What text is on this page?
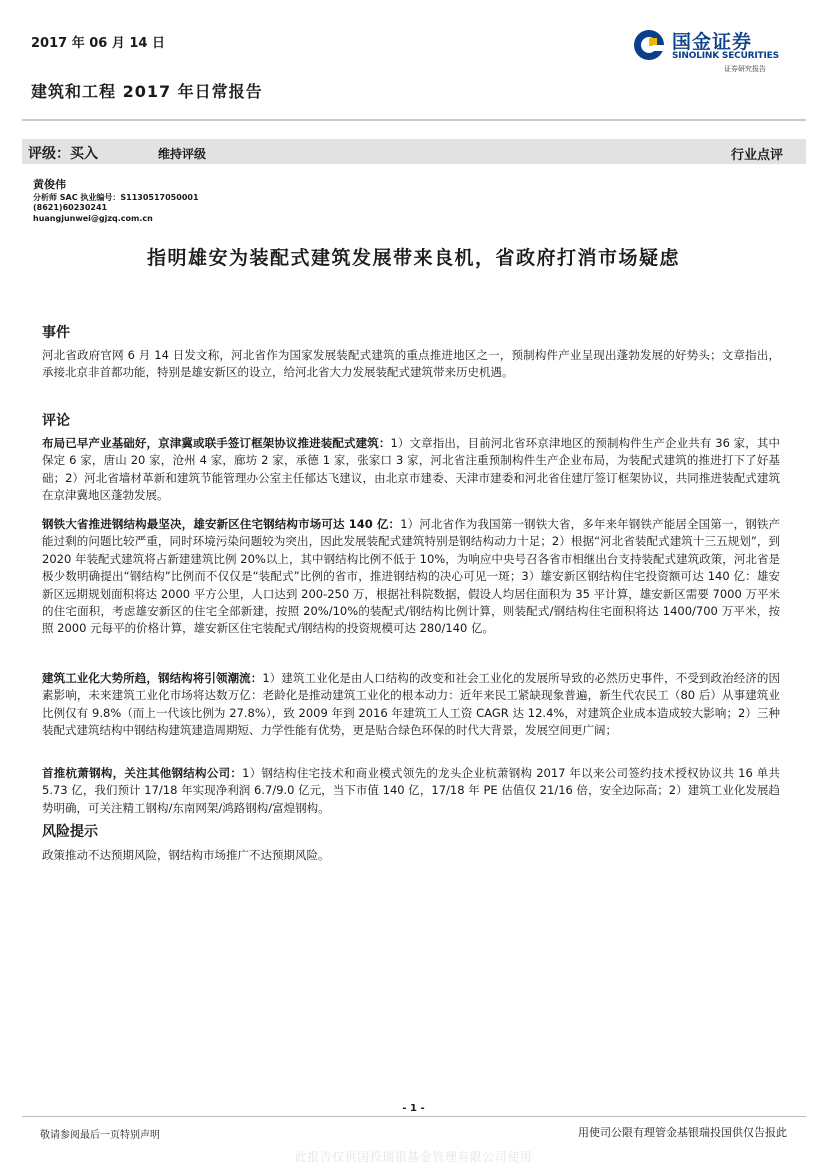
2017 年 06 月 14 日
建筑和工程 2017 年日常报告
国金证券
SINOLINK SECURITIES
证券研究报告
评级：买入	维持评级	行业点评
黄俊伟
分析师 SAC 执业编号：S1130517050001
(8621)60230241
huangjunwei@gjzq.com.cn
指明雄安为装配式建筑发展带来良机，省政府打消市场疑虑
事件
河北省政府官网 6 月 14 日发文称，河北省作为国家发展装配式建筑的重点推进地区之一，预制构件产业呈现出蓬勃发展的好势头；文章指出，承接北京非首都功能，特别是雄安新区的设立，给河北省大力发展装配式建筑带来历史机遇。
评论
布局已早产业基础好，京津冀或联手签订框架协议推进装配式建筑：1）文章指出，目前河北省环京津地区的预制构件生产企业共有 36 家，其中保定 6 家，唐山 20 家，沧州 4 家，廊坊 2 家，承德 1 家，张家口 3 家，河北省注重预制构件生产企业布局，为装配式建筑的推进打下了好基础；2）河北省墙材革新和建筑节能管理办公室主任郁达飞建议，由北京市建委、天津市建委和河北省住建厅签订框架协议，共同推进装配式建筑在京津冀地区蓬勃发展。
钢铁大省推进钢结构最坚决，雄安新区住宅钢结构市场可达 140 亿：1）河北省作为我国第一钢铁大省，多年来年钢铁产能居全国第一，钢铁产能过剩的问题比较严重，同时环境污染问题较为突出，因此发展装配式建筑特别是钢结构动力十足；2）根据“河北省装配式建筑十三五规划”，到 2020 年装配式建筑将占新建建筑比例 20%以上，其中钢结构比例不低于 10%，为响应中央号召各省市相继出台支持装配式建筑政策，河北省是极少数明确提出“钢结构”比例而不仅仅是“装配式”比例的省市，推进钢结构的决心可见一斑；3）雄安新区钢结构住宅投资额可达 140 亿：雄安新区远期规划面积将达 2000 平方公里，人口达到 200-250 万，根据社科院数据，假设人均居住面积为 35 平计算，雄安新区需要 7000 万平米的住宅面积，考虑雄安新区的住宅全部新建，按照 20%/10%的装配式/钢结构比例计算，则装配式/钢结构住宅面积将达 1400/700 万平米，按照 2000 元每平的价格计算，雄安新区住宅装配式/钢结构的投资规模可达 280/140 亿。
建筑工业化大势所趋，钢结构将引领潮流：1）建筑工业化是由人口结构的改变和社会工业化的发展所导致的必然历史事件，不受到政治经济的因素影响，未来建筑工业化市场将达数万亿：老龄化是推动建筑工业化的根本动力：近年来民工紧缺现象普遍，新生代农民工（80 后）从事建筑业比例仅有 9.8%（而上一代该比例为 27.8%），致 2009 年到 2016 年建筑工人工资 CAGR 达 12.4%，对建筑企业成本造成较大影响；2）三种装配式建筑结构中钢结构建筑建造周期短、力学性能有优势，更是贴合绿色环保的时代大背景，发展空间更广阔；
首推杭萧钢构，关注其他钢结构公司：1）钢结构住宅技术和商业模式领先的龙头企业杭萧钢构 2017 年以来公司签约技术授权协议共 16 单共 5.73 亿，我们预计 17/18 年实现净利润 6.7/9.0 亿元，当下市值 140 亿，17/18 年 PE 估值仅 21/16 倍，安全边际高；2）建筑工业化发展趋势明确，可关注精工钢构/东南网架/鸿路钢构/富煌钢构。
风险提示
政策推动不达预期风险，钢结构市场推广不达预期风险。
- 1 -
敬请参阅最后一页特别声明	用使司公限有理管金基银瑞投国供仅告报此
此报告仅供国投瑞银基金管理有限公司使用
